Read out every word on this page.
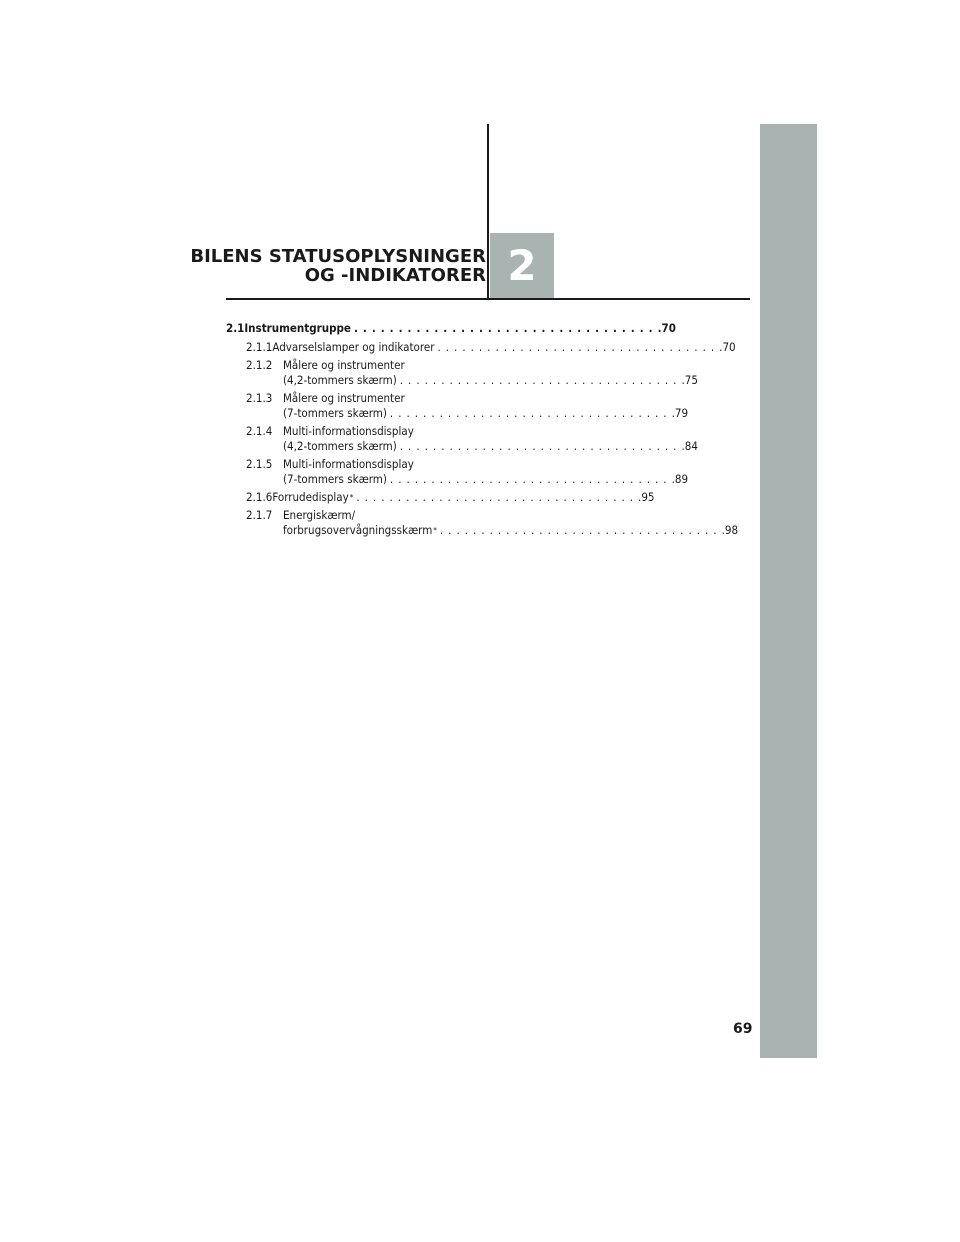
BILENS STATUSOPLYSNINGER
OG -INDIKATORER 2
2.1 Instrumentgruppe .................................. .70
2.1.1 Advarselslamper og indikatorer .................................. .70
2.1.2 Målere og instrumenter
(4,2-tommers skærm) .................................. .75
2.1.3 Målere og instrumenter
(7-tommers skærm) .................................. .79
2.1.4 Multi-informationsdisplay
(4,2-tommers skærm) .................................. .84
2.1.5 Multi-informationsdisplay
(7-tommers skærm) .................................. .89
2.1.6 Forrudedisplay* .................................. .95
2.1.7 Energiskærm/
forbrugsovervågningsskærm* .................................. .98
69
